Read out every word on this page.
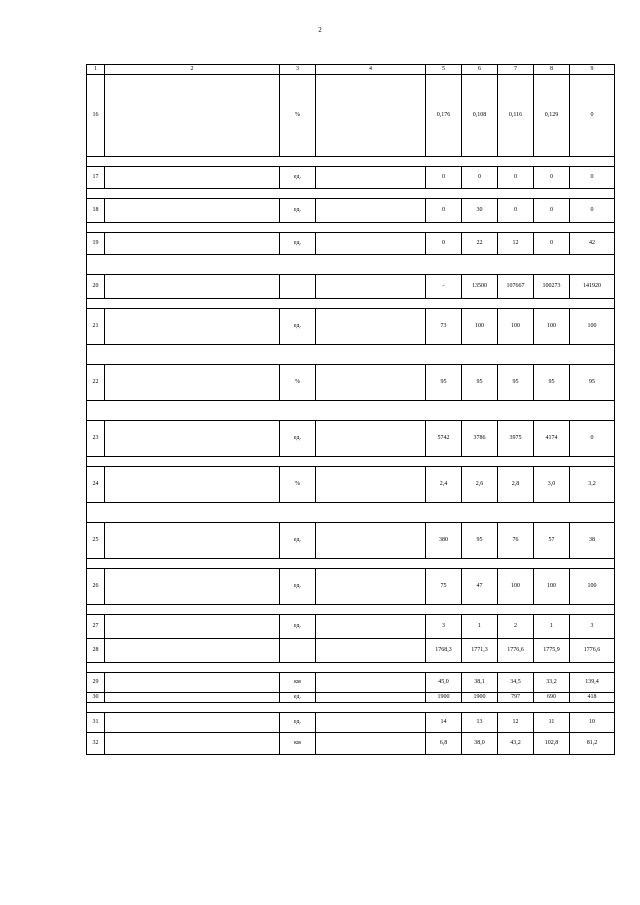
2
1	2	3	4	5	6	7	8	9
16		%		0,176	0,108	0,116	0,129	0

17		ед.		0	0	0	0	0

18		ед.		0	30	0	0	0

19		ед.		0	22	12	0	42

20				-	13500	107667	100273	141920

21		ед.		73	100	100	100	100

22		%		95	95	95	95	95

23		ед.		5742	3786	3975	4174	0

24		%		2,4	2,6	2,8	3,0	3,2

25		ед.		380	95	76	57	38

26		ед.		75	47	100	100	100

27		ед.		3	1	2	1	3
28				1768,3	1771,3	1776,6	1775,9	1776,6

29		км		45,0	38,1	34,5	33,2	139,4
30		ед.		1900	1900	797	690	418

31		ед.		14	13	12	11	10
32		км		6,8	38,0	43,2	102,8	81,2
